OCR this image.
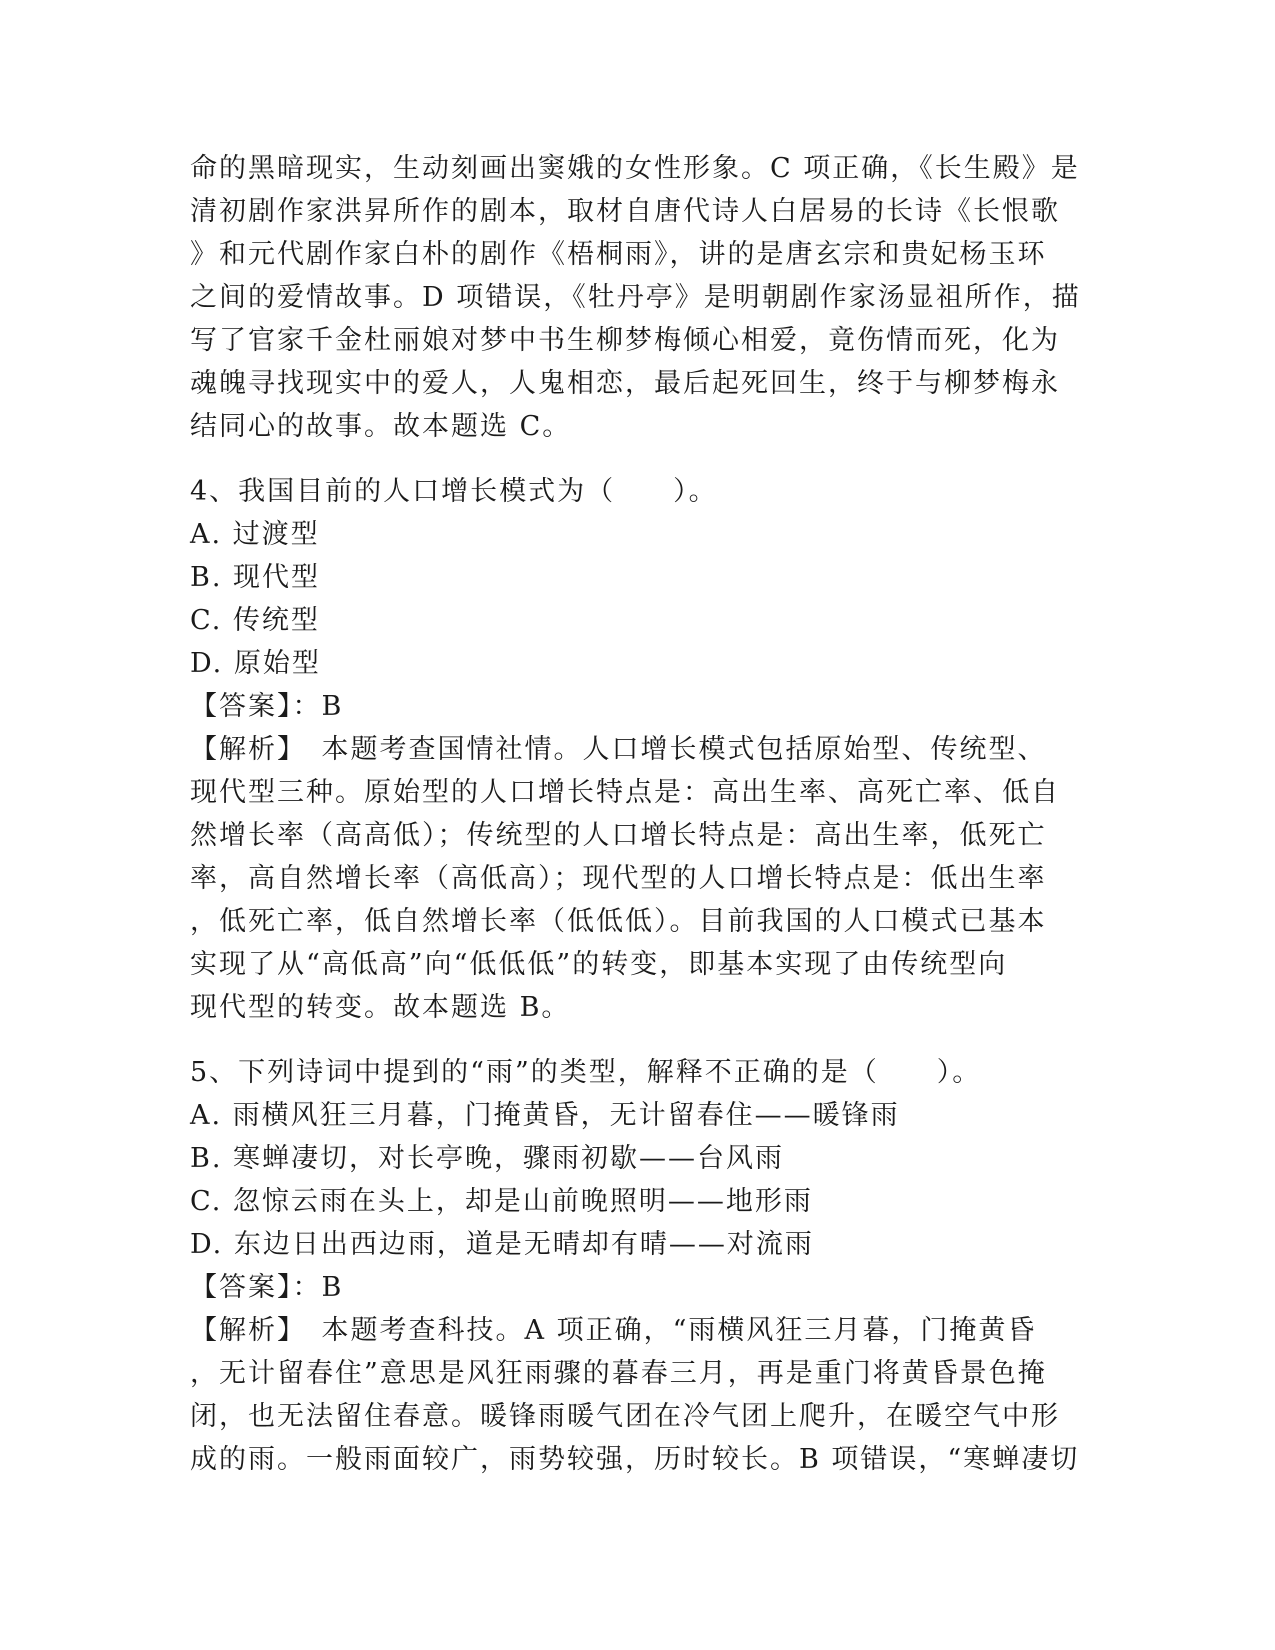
命的黑暗现实，生动刻画出窦娥的女性形象。C 项正确，《长生殿》是
清初剧作家洪昇所作的剧本，取材自唐代诗人白居易的长诗《长恨歌
》和元代剧作家白朴的剧作《梧桐雨》，讲的是唐玄宗和贵妃杨玉环
之间的爱情故事。D 项错误，《牡丹亭》是明朝剧作家汤显祖所作，描
写了官家千金杜丽娘对梦中书生柳梦梅倾心相爱，竟伤情而死，化为
魂魄寻找现实中的爱人，人鬼相恋，最后起死回生，终于与柳梦梅永
结同心的故事。故本题选 C。
4、我国目前的人口增长模式为（　　）。
A. 过渡型
B. 现代型
C. 传统型
D. 原始型
【答案】：B
【解析】　本题考查国情社情。人口增长模式包括原始型、传统型、
现代型三种。原始型的人口增长特点是：高出生率、高死亡率、低自
然增长率（高高低）；传统型的人口增长特点是：高出生率，低死亡
率，高自然增长率（高低高）；现代型的人口增长特点是：低出生率
，低死亡率，低自然增长率（低低低）。目前我国的人口模式已基本
实现了从“高低高”向“低低低”的转变，即基本实现了由传统型向
现代型的转变。故本题选 B。
5、下列诗词中提到的“雨”的类型，解释不正确的是（　　）。
A. 雨横风狂三月暮，门掩黄昏，无计留春住——暖锋雨
B. 寒蝉凄切，对长亭晚，骤雨初歇——台风雨
C. 忽惊云雨在头上，却是山前晚照明——地形雨
D. 东边日出西边雨，道是无晴却有晴——对流雨
【答案】：B
【解析】　本题考查科技。A 项正确，“雨横风狂三月暮，门掩黄昏
，无计留春住”意思是风狂雨骤的暮春三月，再是重门将黄昏景色掩
闭，也无法留住春意。暖锋雨暖气团在冷气团上爬升，在暖空气中形
成的雨。一般雨面较广，雨势较强，历时较长。B 项错误，“寒蝉凄切
